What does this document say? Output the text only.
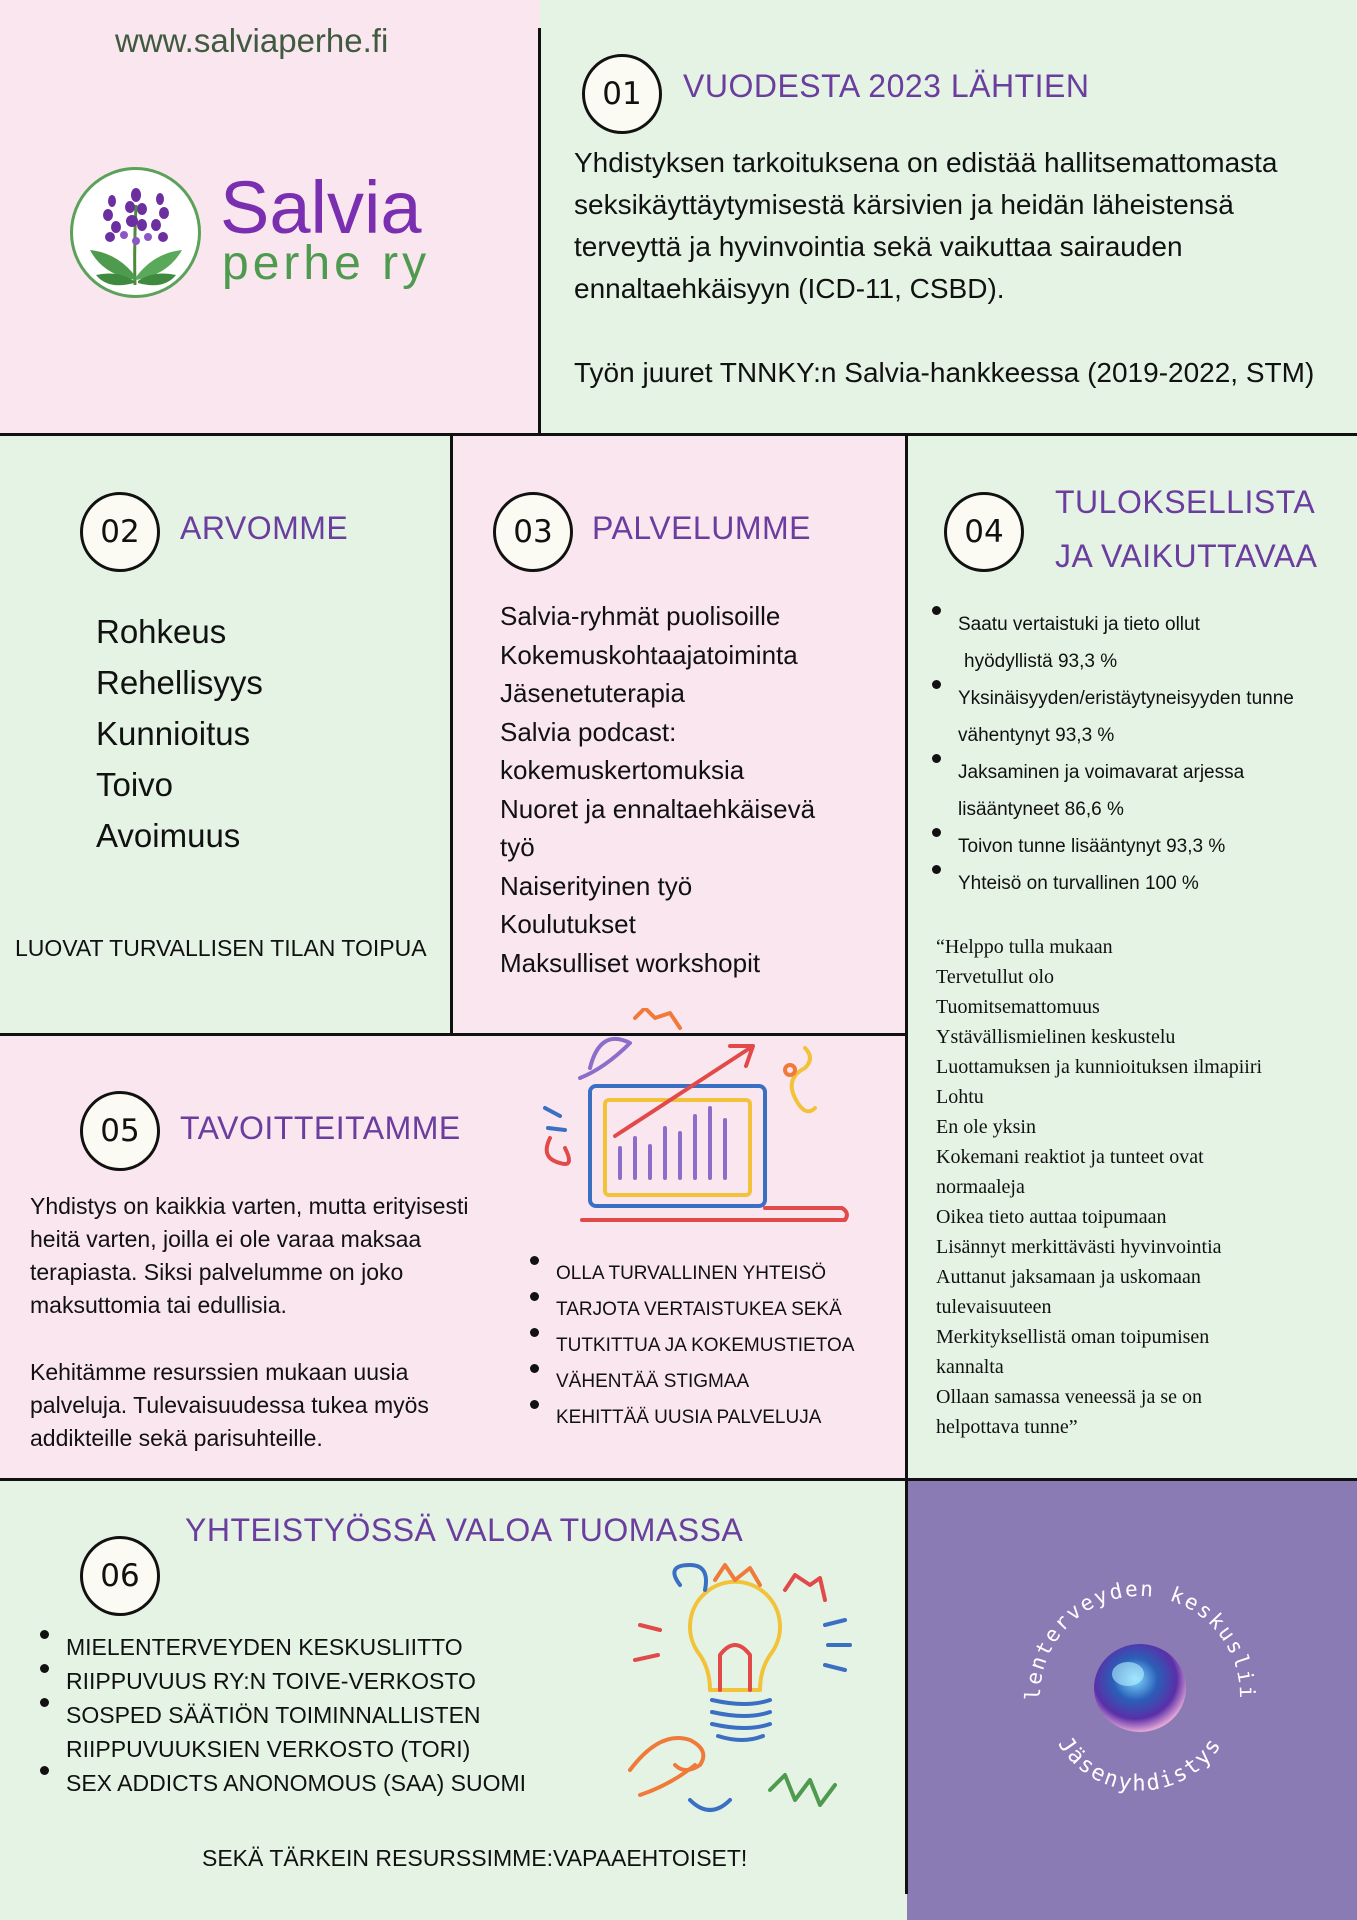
www.salviaperhe.fi
Salvia
perhe ry
01	VUODESTA 2023 LÄHTIEN
Yhdistyksen tarkoituksena on edistää hallitsemattomasta seksikäyttäytymisestä kärsivien ja heidän läheistensä terveyttä ja hyvinvointia sekä vaikuttaa sairauden ennaltaehkäisyyn (ICD-11, CSBD).
Työn juuret TNNKY:n Salvia-hankkeessa (2019-2022, STM)
02	ARVOMME
Rohkeus
Rehellisyys
Kunnioitus
Toivo
Avoimuus
LUOVAT TURVALLISEN TILAN TOIPUA
03	PALVELUMME
Salvia-ryhmät puolisoille
Kokemuskohtaajatoiminta
Jäsenetuterapia
Salvia podcast:
kokemuskertomuksia
Nuoret ja ennaltaehkäisevä
työ
Naiserityinen työ
Koulutukset
Maksulliset workshopit
04
TULOKSELLISTA
JA VAIKUTTAVAA
Saatu vertaistuki ja tieto ollut
hyödyllistä 93,3 %
Yksinäisyyden/eristäytyneisyyden tunne
vähentynyt 93,3 %
Jaksaminen ja voimavarat arjessa
lisääntyneet 86,6 %
Toivon tunne lisääntynyt 93,3 %
Yhteisö on turvallinen 100 %
“Helppo tulla mukaan
Tervetullut olo
Tuomitsemattomuus
Ystävällismielinen keskustelu
Luottamuksen ja kunnioituksen ilmapiiri
Lohtu
En ole yksin
Kokemani reaktiot ja tunteet ovat
normaaleja
Oikea tieto auttaa toipumaan
Lisännyt merkittävästi hyvinvointia
Auttanut jaksamaan ja uskomaan
tulevaisuuteen
Merkityksellistä oman toipumisen
kannalta
Ollaan samassa veneessä ja se on
helpottava tunne”
05	TAVOITTEITAMME
Yhdistys on kaikkia varten, mutta erityisesti heitä varten, joilla ei ole varaa maksaa terapiasta. Siksi palvelumme on joko maksuttomia tai edullisia.
Kehitämme resurssien mukaan uusia palveluja. Tulevaisuudessa tukea myös addikteille sekä parisuhteille.
OLLA TURVALLINEN YHTEISÖ
TARJOTA VERTAISTUKEA SEKÄ
TUTKITTUA JA KOKEMUSTIETOA
VÄHENTÄÄ STIGMAA
KEHITTÄÄ UUSIA PALVELUJA
06
YHTEISTYÖSSÄ VALOA TUOMASSA
MIELENTERVEYDEN KESKUSLIITTO
RIIPPUVUUS RY:N TOIVE-VERKOSTO
SOSPED SÄÄTIÖN TOIMINNALLISTEN RIIPPUVUUKSIEN VERKOSTO (TORI)
SEX ADDICTS ANONOMOUS (SAA) SUOMI
SEKÄ TÄRKEIN RESURSSIMME:VAPAAEHTOISET!
lenterveyden keskuslii
Jäsenyhdistys
